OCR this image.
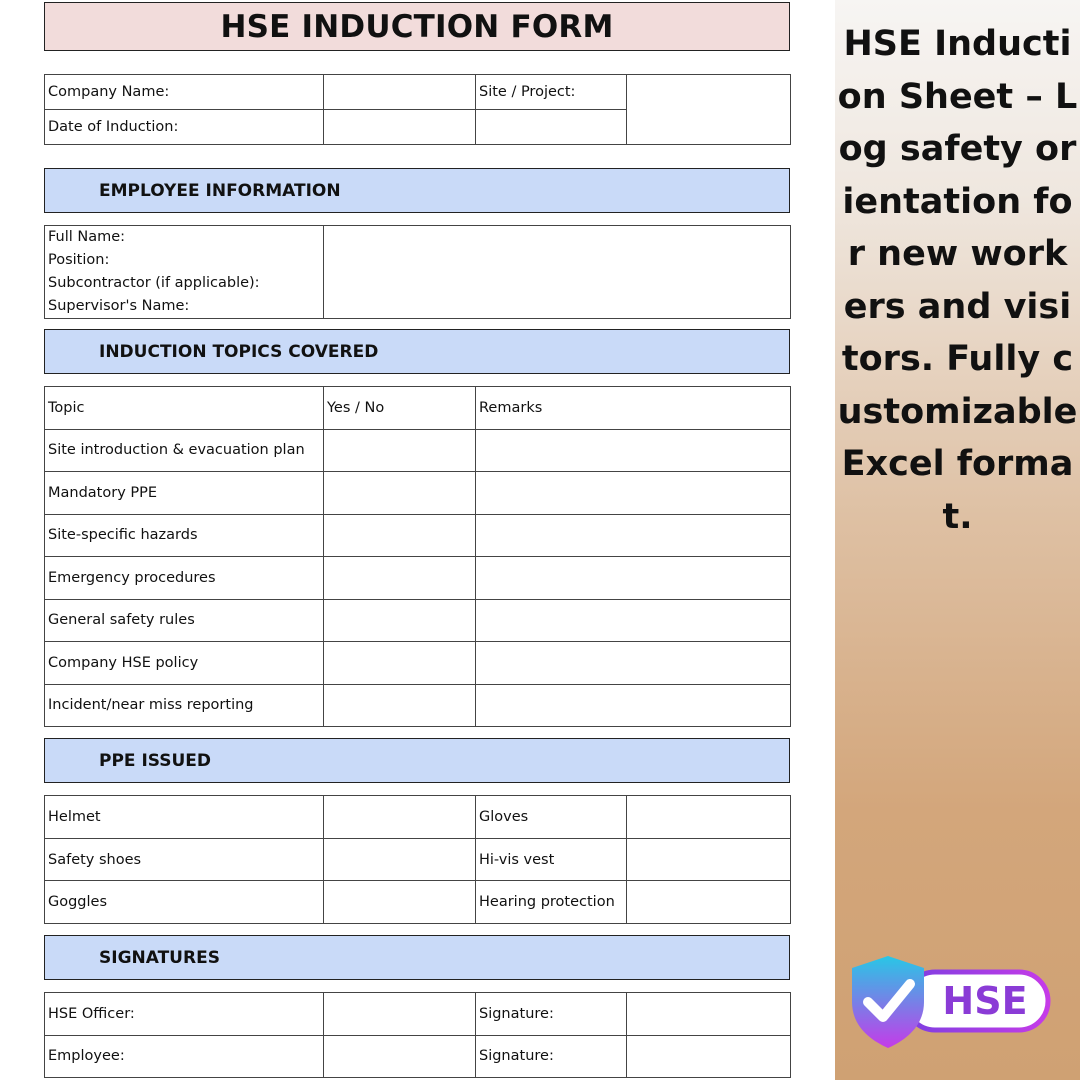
HSE INDUCTION FORM
Company Name:		Site / Project:	
Date of Induction:			
EMPLOYEE INFORMATION
Full Name:
Position:
Subcontractor (if applicable):
Supervisor's Name:

INDUCTION TOPICS COVERED
Topic	Yes / No	Remarks
Site introduction & evacuation plan		
Mandatory PPE		
Site-specific hazards		
Emergency procedures		
General safety rules		
Company HSE policy		
Incident/near miss reporting		
PPE ISSUED
Helmet		Gloves	
Safety shoes		Hi-vis vest	
Goggles		Hearing protection	
SIGNATURES
HSE Officer:		Signature:	
Employee:		Signature:	
HSE Induction Sheet – Log safety orientation for new workers and visitors. Fully customizable Excel format.
HSE
